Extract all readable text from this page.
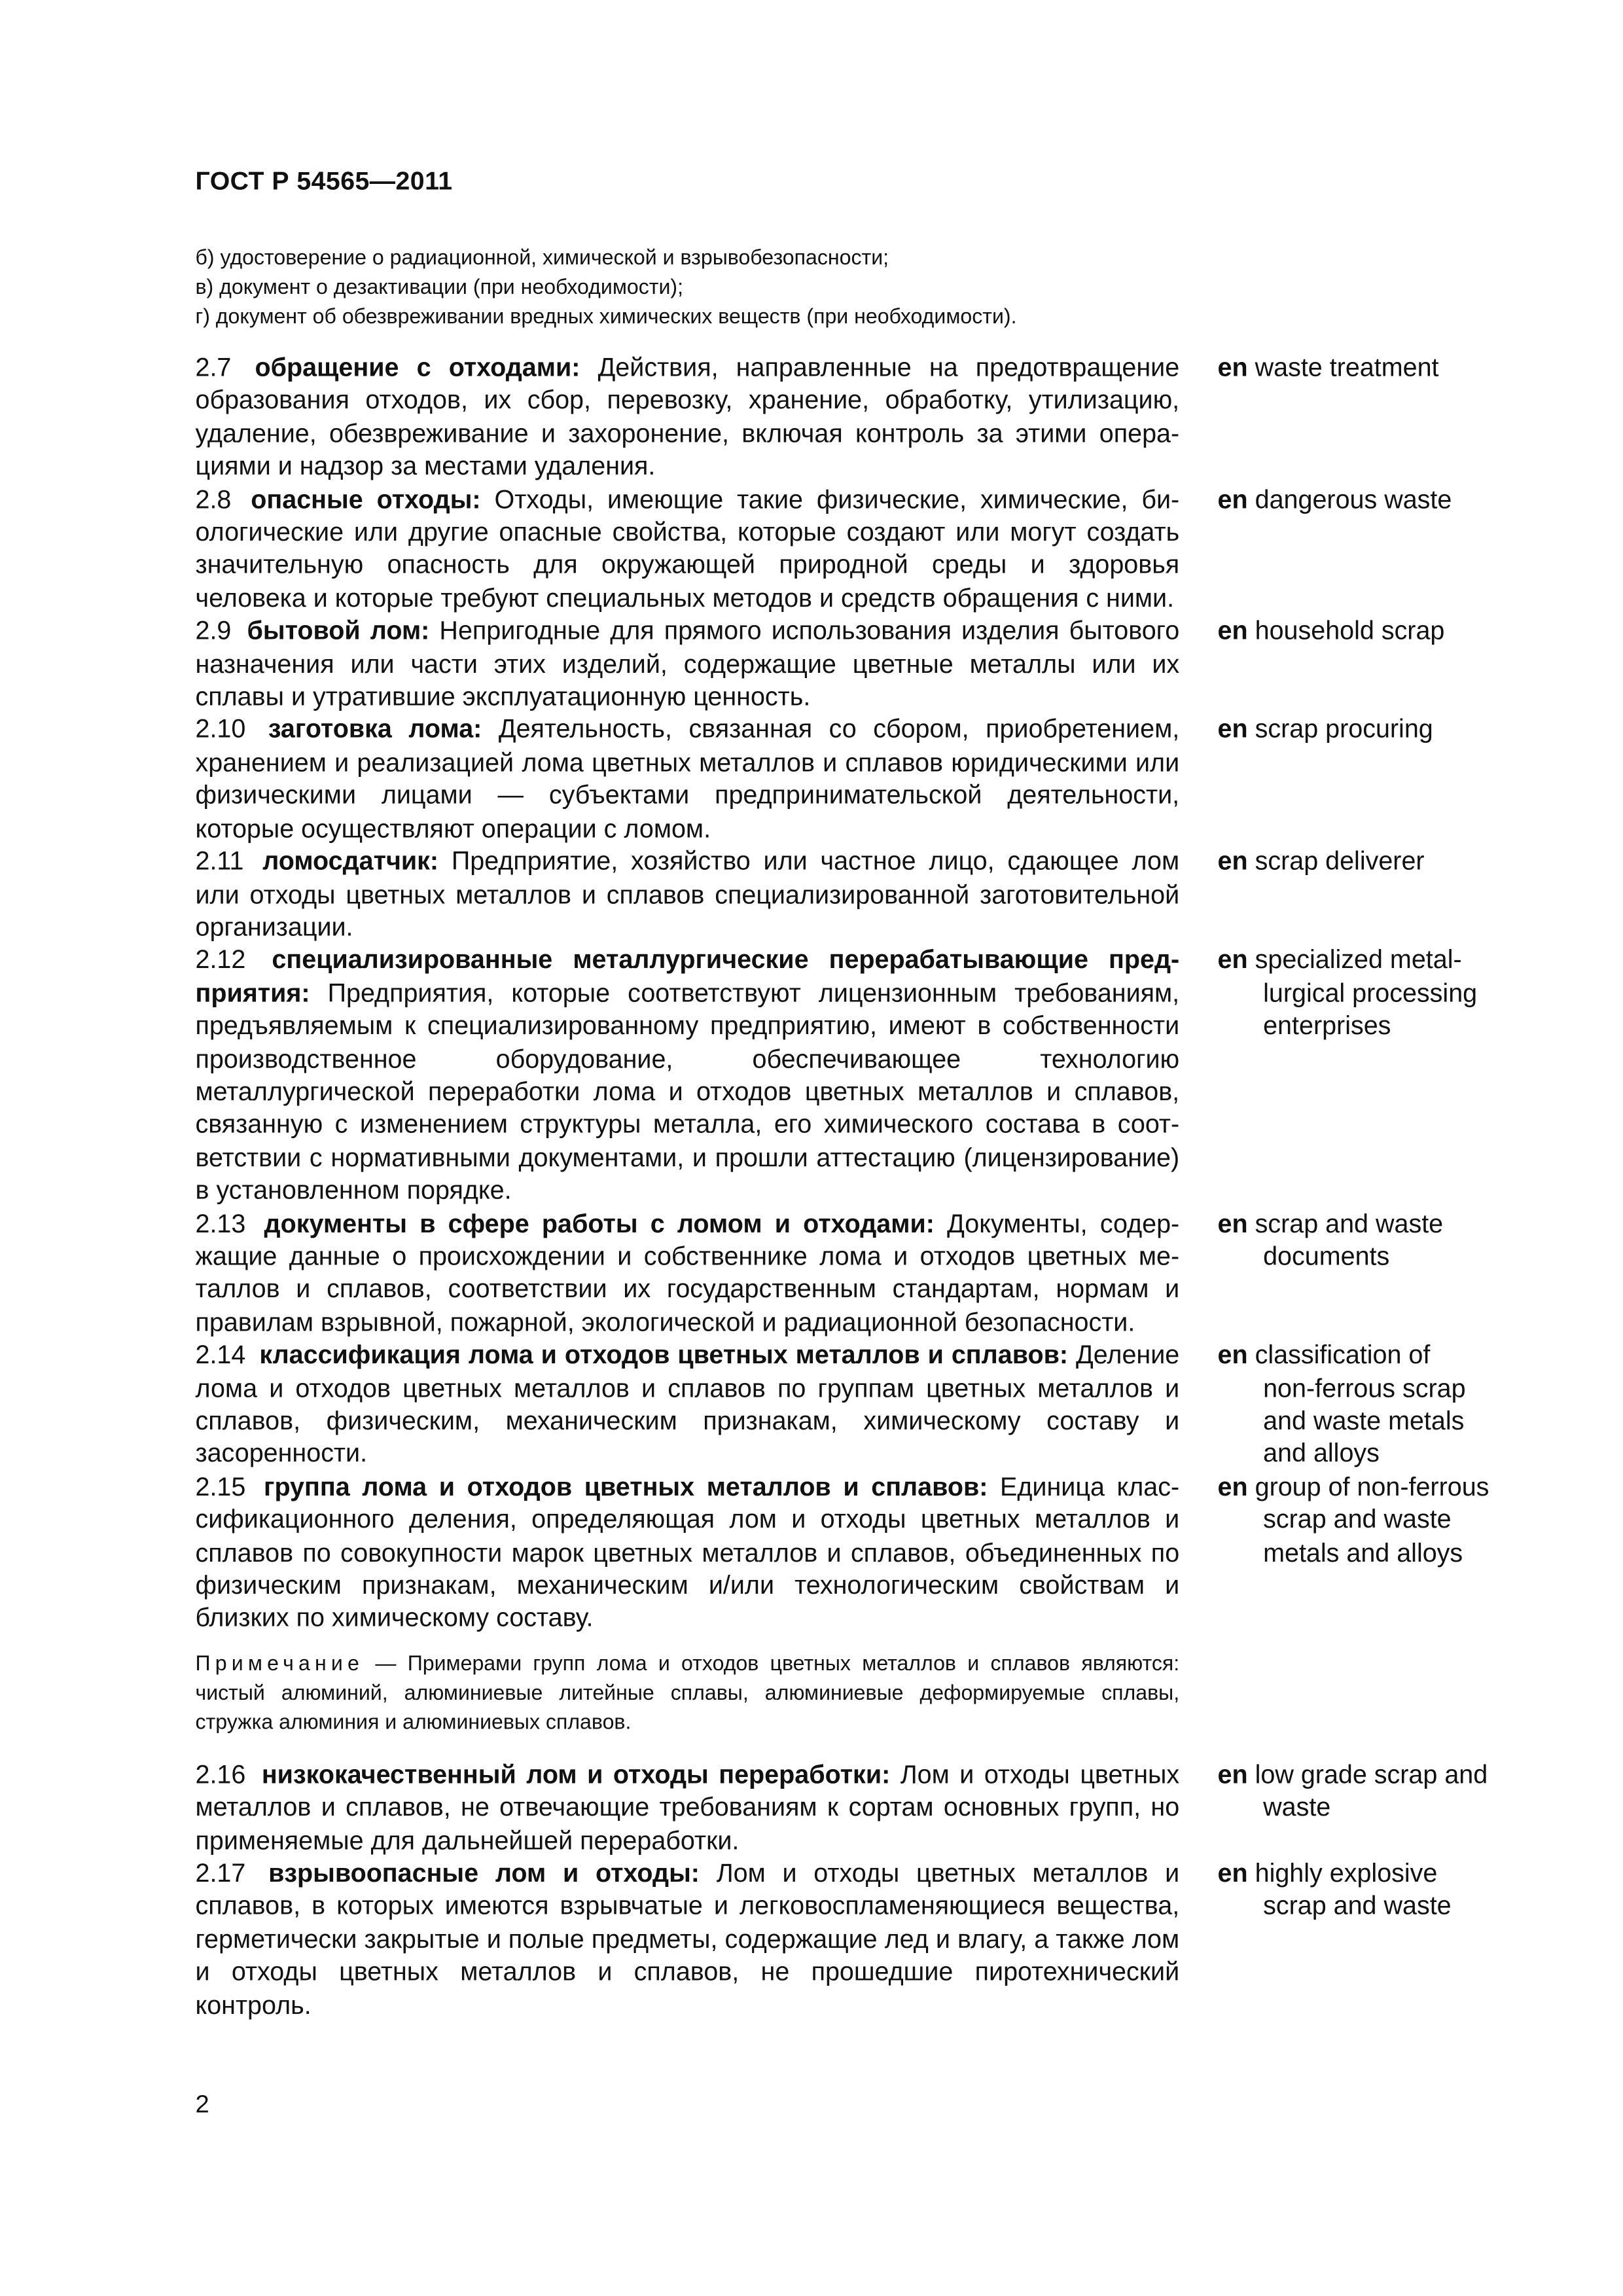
ГОСТ Р 54565—2011
б) удостоверение о радиационной, химической и взрывобезопасности;
в) документ о дезактивации (при необходимости);
г) документ об обезвреживании вредных химических веществ (при необходимости).
2.7 обращение с отходами: Действия, направленные на предотвращение образования отходов, их сбор, перевозку, хранение, обработку, утилизацию, удаление, обезвреживание и захоронение, включая контроль за этими операциями и надзор за местами удаления.
en waste treatment
2.8 опасные отходы: Отходы, имеющие такие физические, химические, биологические или другие опасные свойства, которые создают или могут создать значительную опасность для окружающей природной среды и здоровья человека и которые требуют специальных методов и средств обращения с ними.
en dangerous waste
2.9 бытовой лом: Непригодные для прямого использования изделия бытового назначения или части этих изделий, содержащие цветные металлы или их сплавы и утратившие эксплуатационную ценность.
en household scrap
2.10 заготовка лома: Деятельность, связанная со сбором, приобретением, хранением и реализацией лома цветных металлов и сплавов юридическими или физическими лицами — субъектами предпринимательской деятельности, которые осуществляют операции с ломом.
en scrap procuring
2.11 ломосдатчик: Предприятие, хозяйство или частное лицо, сдающее лом или отходы цветных металлов и сплавов специализированной заготовительной организации.
en scrap deliverer
2.12 специализированные металлургические перерабатывающие предприятия: Предприятия, которые соответствуют лицензионным требованиям, предъявляемым к специализированному предприятию, имеют в собственности производственное оборудование, обеспечивающее технологию металлургической переработки лома и отходов цветных металлов и сплавов, связанную с изменением структуры металла, его химического состава в соответствии с нормативными документами, и прошли аттестацию (лицензирование) в установленном порядке.
en specialized metal-
lurgical processing
enterprises
2.13 документы в сфере работы с ломом и отходами: Документы, содержащие данные о происхождении и собственнике лома и отходов цветных металлов и сплавов, соответствии их государственным стандартам, нормам и правилам взрывной, пожарной, экологической и радиационной безопасности.
en scrap and waste
documents
2.14 классификация лома и отходов цветных металлов и сплавов: Деление лома и отходов цветных металлов и сплавов по группам цветных металлов и сплавов, физическим, механическим признакам, химическому составу и засоренности.
en classification of
non-ferrous scrap
and waste metals
and alloys
2.15 группа лома и отходов цветных металлов и сплавов: Единица классификационного деления, определяющая лом и отходы цветных металлов и сплавов по совокупности марок цветных металлов и сплавов, объединенных по физическим признакам, механическим и/или технологическим свойствам и близких по химическому составу.
en group of non-ferrous
scrap and waste
metals and alloys
Примечание — Примерами групп лома и отходов цветных металлов и сплавов являются: чистый алюминий, алюминиевые литейные сплавы, алюминиевые деформируемые сплавы, стружка алюминия и алюминиевых сплавов.
2.16 низкокачественный лом и отходы переработки: Лом и отходы цветных металлов и сплавов, не отвечающие требованиям к сортам основных групп, но применяемые для дальнейшей переработки.
en low grade scrap and
waste
2.17 взрывоопасные лом и отходы: Лом и отходы цветных металлов и сплавов, в которых имеются взрывчатые и легковоспламеняющиеся вещества, герметически закрытые и полые предметы, содержащие лед и влагу, а также лом и отходы цветных металлов и сплавов, не прошедшие пиротехнический контроль.
en highly explosive
scrap and waste
2
